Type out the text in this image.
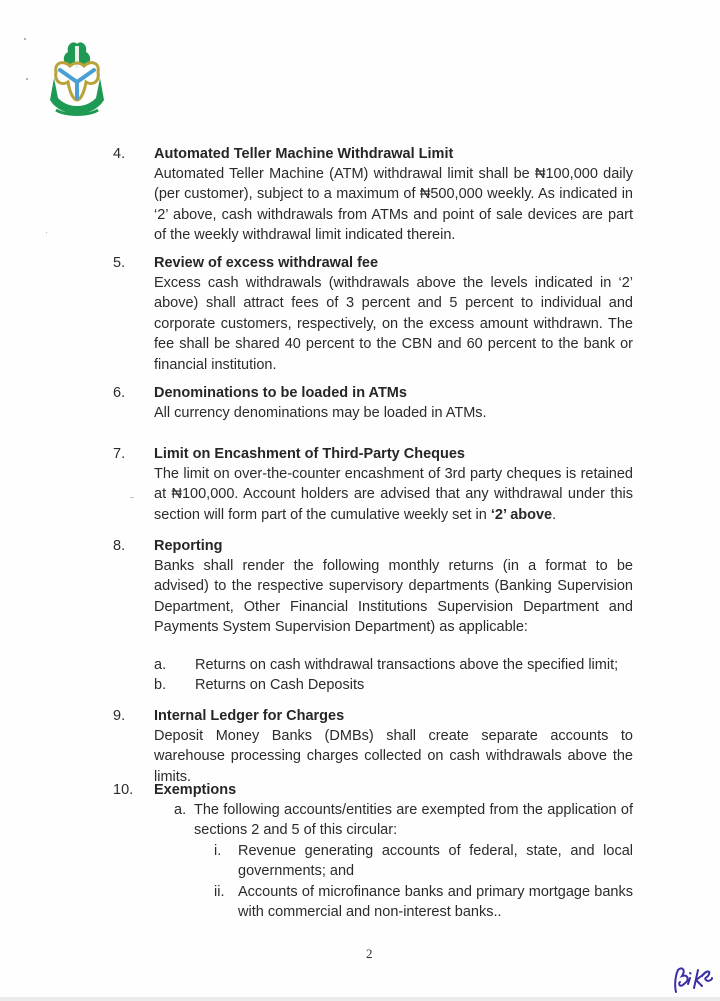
4. Automated Teller Machine Withdrawal Limit
Automated Teller Machine (ATM) withdrawal limit shall be ₦100,000 daily (per customer), subject to a maximum of ₦500,000 weekly. As indicated in ‘2’ above, cash withdrawals from ATMs and point of sale devices are part of the weekly withdrawal limit indicated therein.
5. Review of excess withdrawal fee
Excess cash withdrawals (withdrawals above the levels indicated in ‘2’ above) shall attract fees of 3 percent and 5 percent to individual and corporate customers, respectively, on the excess amount withdrawn. The fee shall be shared 40 percent to the CBN and 60 percent to the bank or financial institution.
6. Denominations to be loaded in ATMs
All currency denominations may be loaded in ATMs.
7. Limit on Encashment of Third-Party Cheques
The limit on over-the-counter encashment of 3rd party cheques is retained at ₦100,000. Account holders are advised that any withdrawal under this section will form part of the cumulative weekly set in ‘2’ above.
8. Reporting
Banks shall render the following monthly returns (in a format to be advised) to the respective supervisory departments (Banking Supervision Department, Other Financial Institutions Supervision Department and Payments System Supervision Department) as applicable:
a.	Returns on cash withdrawal transactions above the specified limit;
b.	Returns on Cash Deposits
9. Internal Ledger for Charges
Deposit Money Banks (DMBs) shall create separate accounts to warehouse processing charges collected on cash withdrawals above the limits.
10. Exemptions
a. The following accounts/entities are exempted from the application of sections 2 and 5 of this circular:
i.	Revenue generating accounts of federal, state, and local governments; and
ii. Accounts of microfinance banks and primary mortgage banks with commercial and non-interest banks..
2
